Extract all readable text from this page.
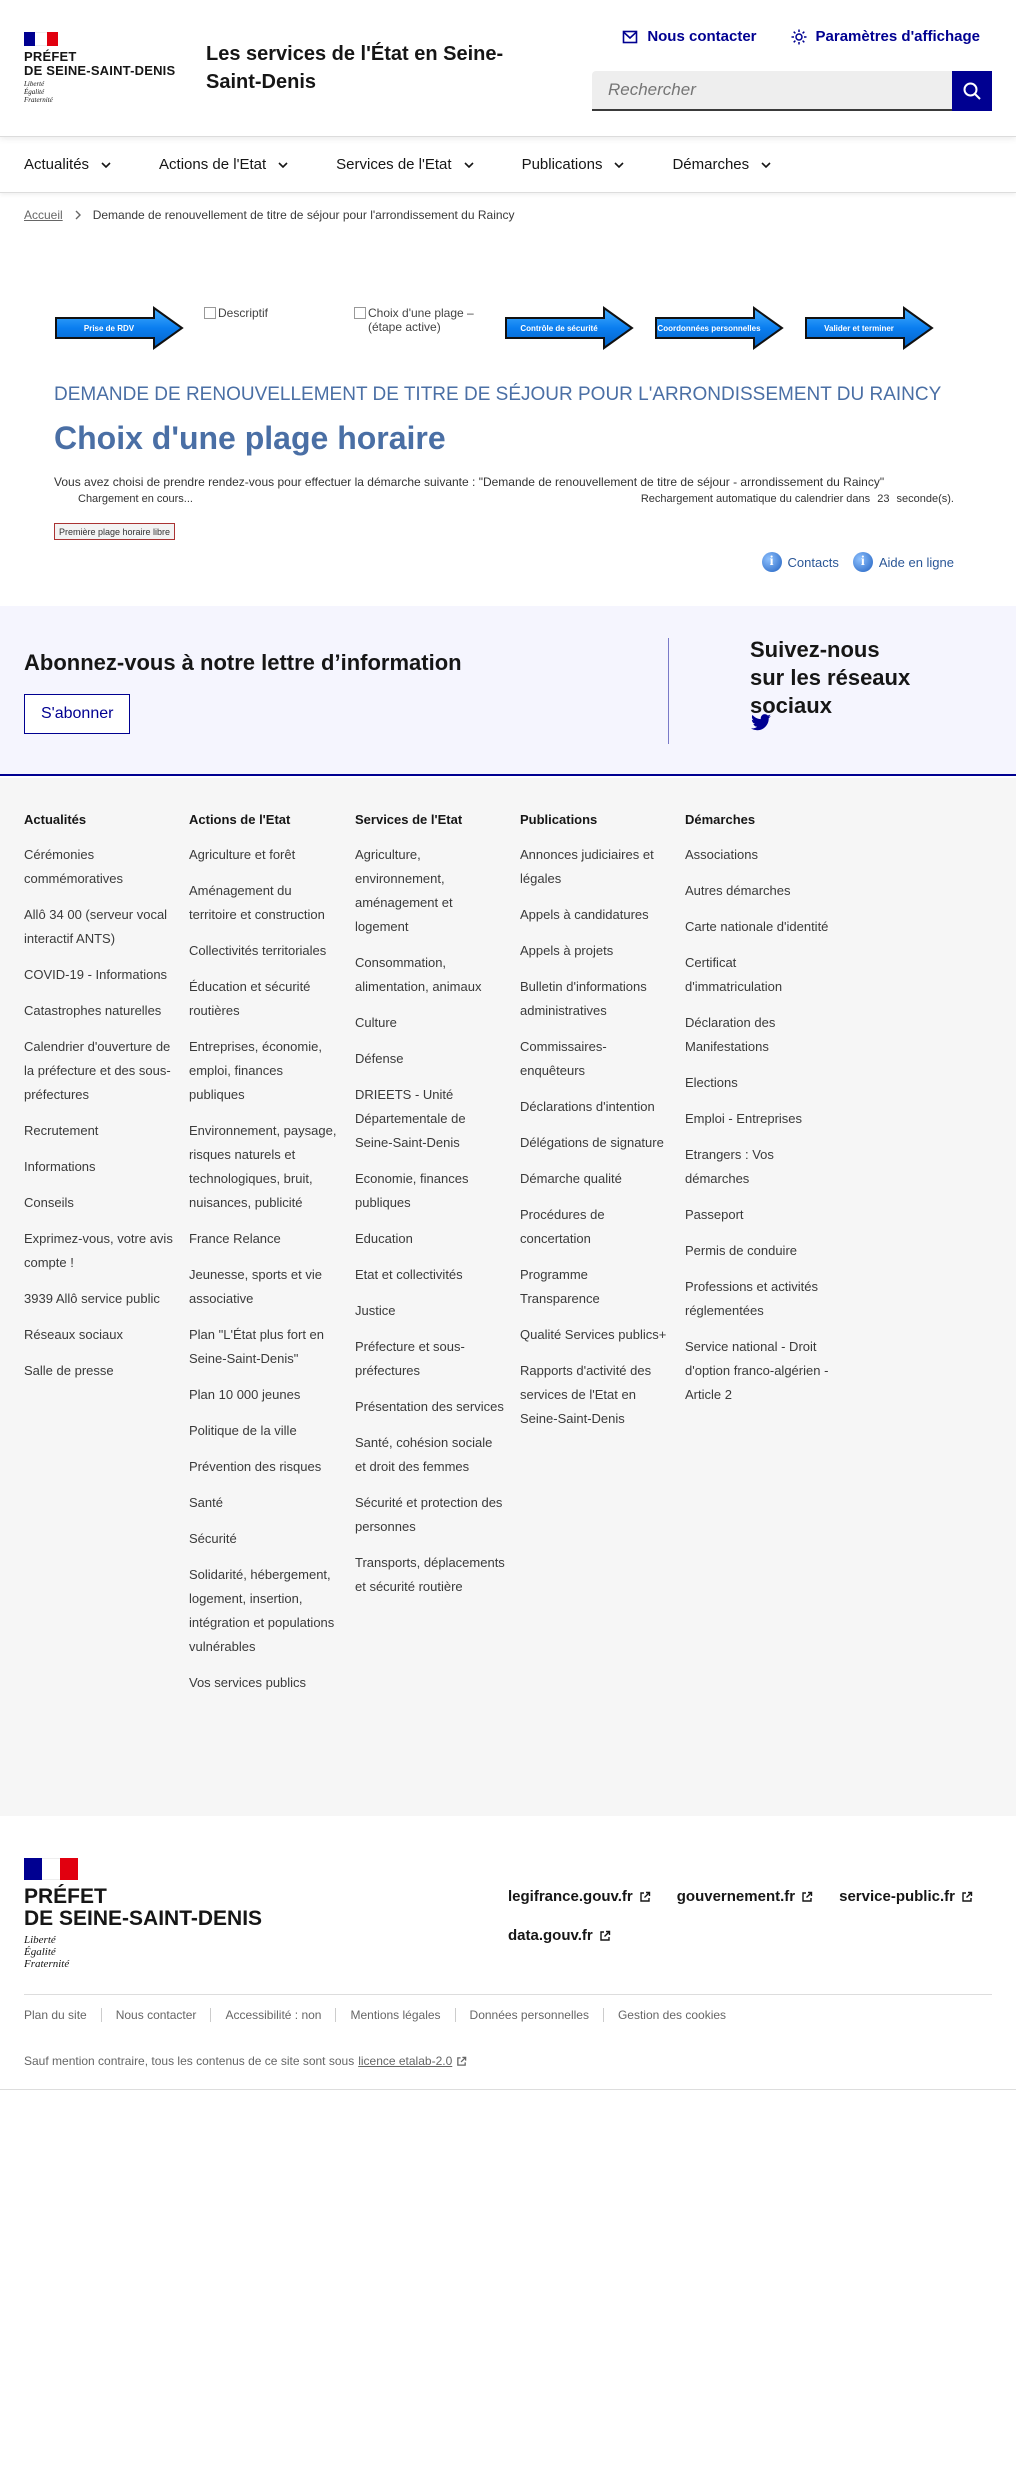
PRÉFET
DE SEINE-SAINT-DENIS
Liberté
Égalité
Fraternité
Les services de l'État en Seine-Saint-Denis
Nous contacter	Paramètres d'affichage
Rechercher
Actualités	Actions de l'Etat	Services de l'Etat	Publications	Démarches
Accueil	Demande de renouvellement de titre de séjour pour l'arrondissement du Raincy
Prise de RDV
Descriptif	Choix d'une plage – (étape active)	Contrôle de sécurité	Coordonnées personnelles	Valider et terminer
DEMANDE DE RENOUVELLEMENT DE TITRE DE SÉJOUR POUR L'ARRONDISSEMENT DU RAINCY
Choix d'une plage horaire

Vous avez choisi de prendre rendez-vous pour effectuer la démarche suivante : "Demande de renouvellement de titre de séjour - arrondissement du Raincy"

Chargement en cours...	Rechargement automatique du calendrier dans 23 seconde(s).
Première plage horaire libre
i	Contacts	i	Aide en ligne
Abonnez-vous à notre lettre d’information
S'abonner
Suivez-nous
sur les réseaux sociaux
Actualités
Cérémonies commémoratives
Allô 34 00 (serveur vocal interactif ANTS)
COVID-19 - Informations
Catastrophes naturelles
Calendrier d'ouverture de la préfecture et des sous-préfectures
Recrutement
Informations
Conseils
Exprimez-vous, votre avis compte !
3939 Allô service public
Réseaux sociaux
Salle de presse
Actions de l'Etat
Agriculture et forêt
Aménagement du territoire et construction
Collectivités territoriales
Éducation et sécurité routières
Entreprises, économie, emploi, finances publiques
Environnement, paysage, risques naturels et technologiques, bruit, nuisances, publicité
France Relance
Jeunesse, sports et vie associative
Plan "L'État plus fort en Seine-Saint-Denis"
Plan 10 000 jeunes
Politique de la ville
Prévention des risques
Santé
Sécurité
Solidarité, hébergement, logement, insertion, intégration et populations vulnérables
Vos services publics
Services de l'Etat
Agriculture, environnement, aménagement et logement
Consommation, alimentation, animaux
Culture
Défense
DRIEETS - Unité Départementale de Seine-Saint-Denis
Economie, finances publiques
Education
Etat et collectivités
Justice
Préfecture et sous-préfectures
Présentation des services
Santé, cohésion sociale et droit des femmes
Sécurité et protection des personnes
Transports, déplacements et sécurité routière
Publications
Annonces judiciaires et légales
Appels à candidatures
Appels à projets
Bulletin d'informations administratives
Commissaires-enquêteurs
Déclarations d'intention
Délégations de signature
Démarche qualité
Procédures de concertation
Programme Transparence
Qualité Services publics+
Rapports d'activité des services de l'Etat en Seine-Saint-Denis
Démarches
Associations
Autres démarches
Carte nationale d'identité
Certificat d'immatriculation
Déclaration des Manifestations
Elections
Emploi - Entreprises
Etrangers : Vos démarches
Passeport
Permis de conduire
Professions et activités réglementées
Service national - Droit d'option franco-algérien - Article 2
PRÉFET
DE SEINE-SAINT-DENIS
Liberté
Égalité
Fraternité
legifrance.gouv.fr	gouvernement.fr	service-public.fr
data.gouv.fr
Plan du site	Nous contacter	Accessibilité : non	Mentions légales	Données personnelles	Gestion des cookies
Sauf mention contraire, tous les contenus de ce site sont sous licence etalab-2.0
